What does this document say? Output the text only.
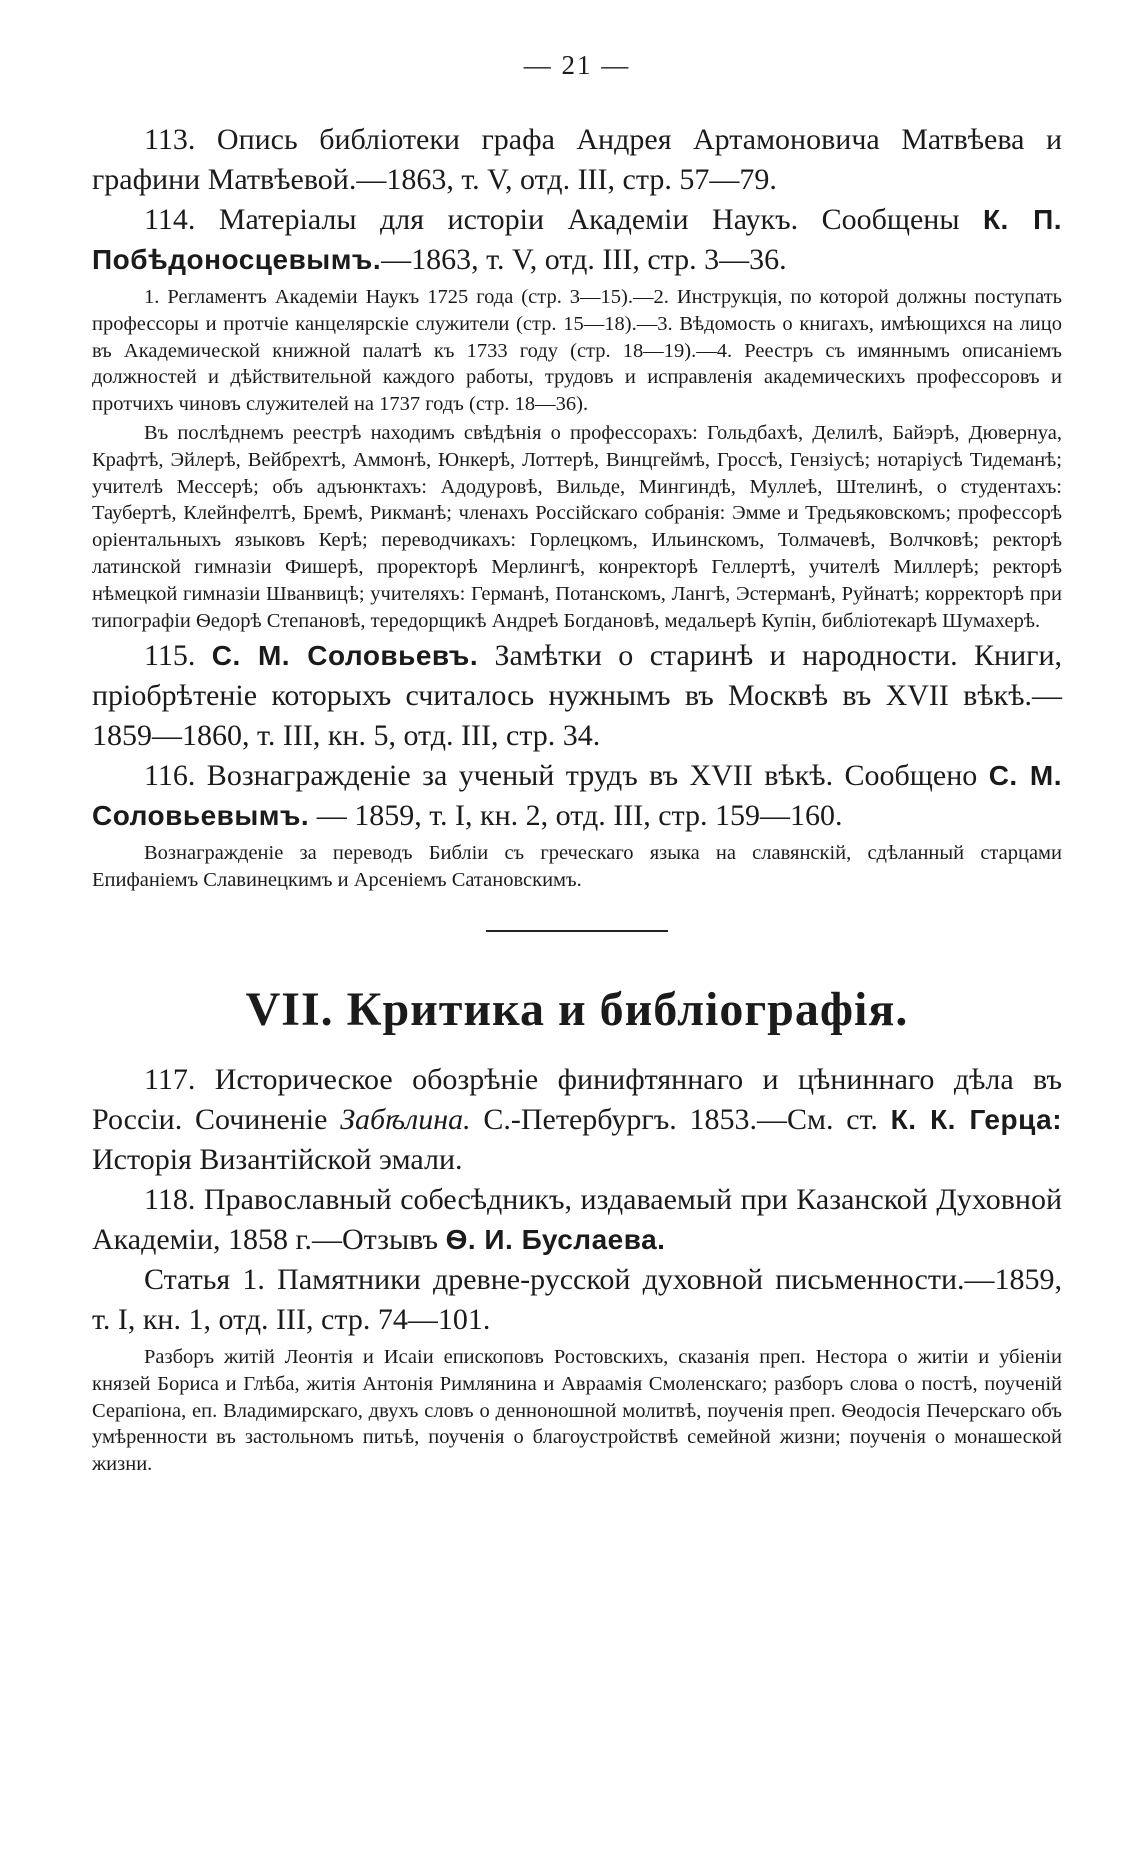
— 21 —

113. Опись библіотеки графа Андрея Артамоновича Матвѣева и графини Матвѣевой.—1863, т. V, отд. III, стр. 57—79.

114. Матеріалы для исторіи Академіи Наукъ. Сообщены К. П. Побѣдоносцевымъ.—1863, т. V, отд. III, стр. 3—36.

1. Регламентъ Академіи Наукъ 1725 года (стр. 3—15).—2. Инструкція, по которой должны поступать профессоры и протчіе канцелярскіе служители (стр. 15—18).—3. Вѣдомость о книгахъ, имѣющихся на лицо въ Академической книжной палатѣ къ 1733 году (стр. 18—19).—4. Реестръ съ имяннымъ описаніемъ должностей и дѣйствительной каждого работы, трудовъ и исправленія академическихъ профессоровъ и протчихъ чиновъ служителей на 1737 годъ (стр. 18—36).

Въ послѣднемъ реестрѣ находимъ свѣдѣнія о профессорахъ: Гольдбахѣ, Делилѣ, Байэрѣ, Дювернуа, Крафтѣ, Эйлерѣ, Вейбрехтѣ, Аммонѣ, Юнкерѣ, Лоттерѣ, Винцгеймѣ, Гроссѣ, Гензіусѣ; нотаріусѣ Тидеманѣ; учителѣ Мессерѣ; объ адъюнктахъ: Адодуровѣ, Вильде, Мингиндѣ, Муллеѣ, Штелинѣ, о студентахъ: Таубертѣ, Клейнфелтѣ, Бремѣ, Рикманѣ; членахъ Россійскаго собранія: Эмме и Тредьяковскомъ; профессорѣ оріентальныхъ языковъ Керѣ; переводчикахъ: Горлецкомъ, Ильинскомъ, Толмачевѣ, Волчковѣ; ректорѣ латинской гимназіи Фишерѣ, проректорѣ Мерлингѣ, конректорѣ Геллертѣ, учителѣ Миллерѣ; ректорѣ нѣмецкой гимназіи Шванвицѣ; учителяхъ: Германѣ, Потанскомъ, Лангѣ, Эстерманѣ, Руйнатѣ; корректорѣ при типографіи Ѳедорѣ Степановѣ, тередорщикѣ Андреѣ Богдановѣ, медальерѣ Купін, библіотекарѣ Шумахерѣ.

115. С. М. Соловьевъ. Замѣтки о старинѣ и народности. Книги, пріобрѣтеніе которыхъ считалось нужнымъ въ Москвѣ въ XVII вѣкѣ.—1859—1860, т. III, кн. 5, отд. III, стр. 34.

116. Вознагражденіе за ученый трудъ въ XVII вѣкѣ. Сообщено С. М. Соловьевымъ. — 1859, т. I, кн. 2, отд. III, стр. 159—160.

Вознагражденіе за переводъ Библіи съ греческаго языка на славянскій, сдѣланный старцами Епифаніемъ Славинецкимъ и Арсеніемъ Сатановскимъ.

VII. Критика и библіографія.

117. Историческое обозрѣніе финифтяннаго и цѣниннаго дѣла въ Россіи. Сочиненіе Забѣлина. С.-Петербургъ. 1853.—См. ст. К. К. Герца: Исторія Византійской эмали.

118. Православный собесѣдникъ, издаваемый при Казанской Духовной Академіи, 1858 г.—Отзывъ Ѳ. И. Буслаева.

Статья 1. Памятники древне-русской духовной письменности.—1859, т. I, кн. 1, отд. III, стр. 74—101.

Разборъ житій Леонтія и Исаіи епископовъ Ростовскихъ, сказанія преп. Нестора о житіи и убіеніи князей Бориса и Глѣба, житія Антонія Римлянина и Авраамія Смоленскаго; разборъ слова о постѣ, поученій Серапіона, еп. Владимирскаго, двухъ словъ о денноношной молитвѣ, поученія преп. Ѳеодосія Печерскаго объ умѣренности въ застольномъ питьѣ, поученія о благоустройствѣ семейной жизни; поученія о монашеской жизни.
